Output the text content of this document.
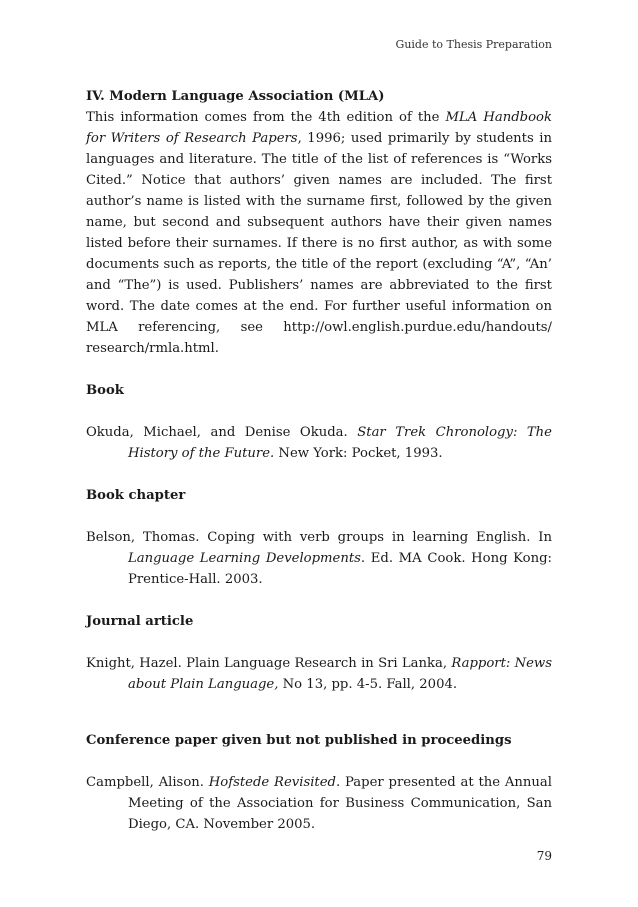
Guide to Thesis Preparation

IV. Modern Language Association (MLA)

This information comes from the 4th edition of the MLA Handbook for Writers of Research Papers, 1996; used primarily by students in languages and literature. The title of the list of references is “Works Cited.” Notice that authors’ given names are included. The first author’s name is listed with the surname first, followed by the given name, but second and subsequent authors have their given names listed before their surnames. If there is no first author, as with some documents such as reports, the title of the report (excluding “A”, “An’ and “The”) is used. Publishers’ names are abbreviated to the first word. The date comes at the end. For further useful information on MLA referencing, see http://owl.english.purdue.edu/handouts/ research/rmla.html.

Book

Okuda, Michael, and Denise Okuda. Star Trek Chronology: The History of the Future. New York: Pocket, 1993.

Book chapter

Belson, Thomas. Coping with verb groups in learning English. In Language Learning Developments. Ed. MA Cook. Hong Kong: Prentice-Hall. 2003.

Journal article

Knight, Hazel. Plain Language Research in Sri Lanka, Rapport: News about Plain Language, No 13, pp. 4-5. Fall, 2004.

Conference paper given but not published in proceedings

Campbell, Alison. Hofstede Revisited. Paper presented at the Annual Meeting of the Association for Business Communication, San Diego, CA. November 2005.

79
